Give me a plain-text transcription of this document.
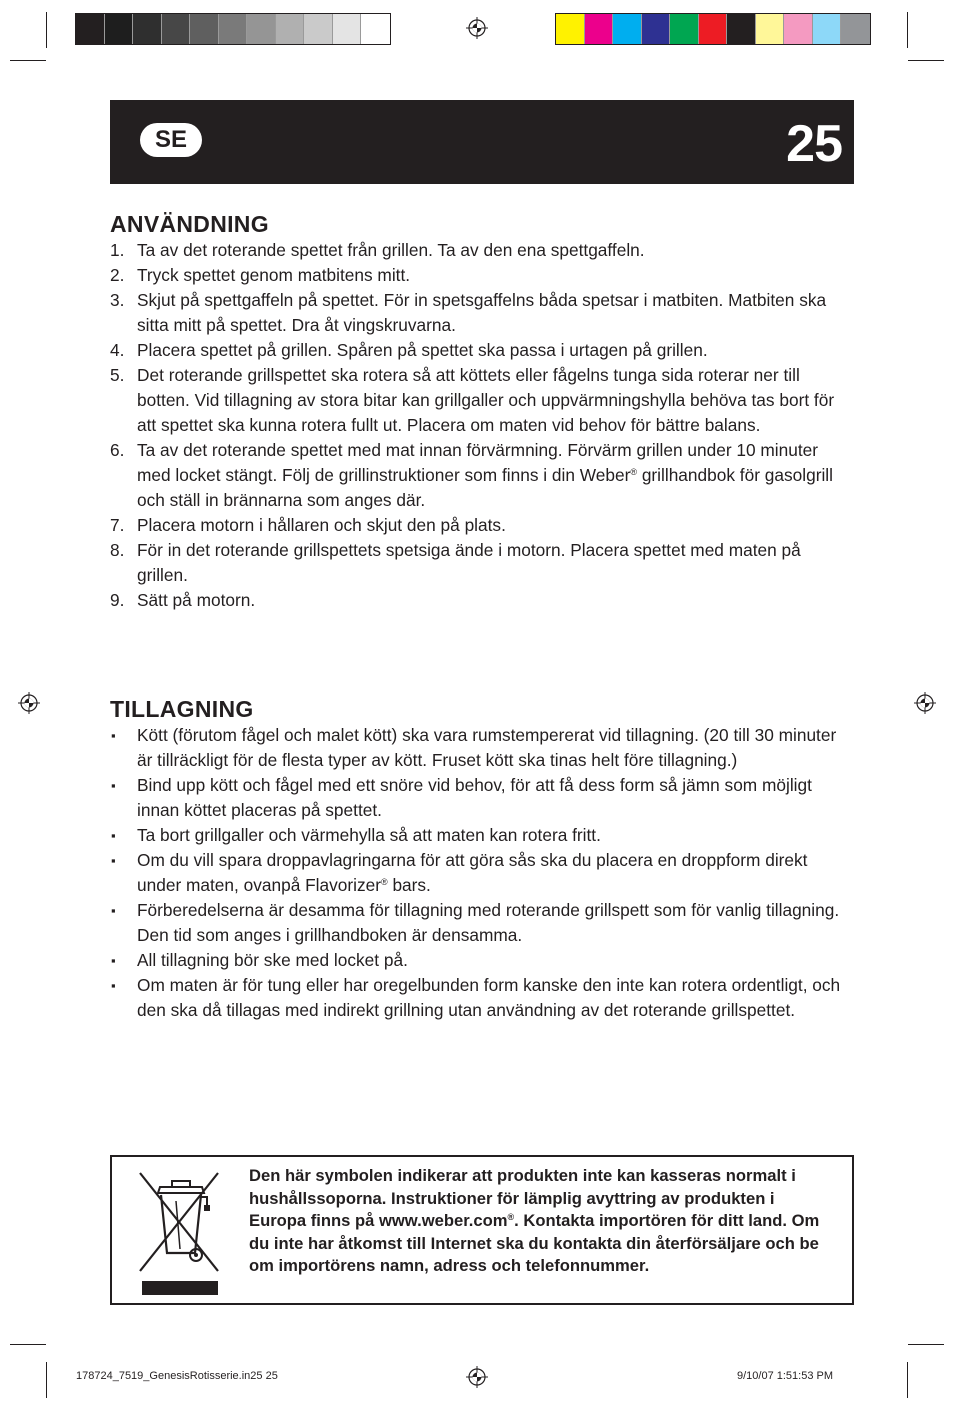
SE	25
ANVÄNDNING
1. Ta av det roterande spettet från grillen. Ta av den ena spettgaffeln.
2. Tryck spettet genom matbitens mitt.
3. Skjut på spettgaffeln på spettet. För in spetsgaffelns båda spetsar i matbiten. Matbiten ska sitta mitt på spettet. Dra åt vingskruvarna.
4. Placera spettet på grillen. Spåren på spettet ska passa i urtagen på grillen.
5. Det roterande grillspettet ska rotera så att köttets eller fågelns tunga sida roterar ner till botten. Vid tillagning av stora bitar kan grillgaller och uppvärmningshylla behöva tas bort för att spettet ska kunna rotera fullt ut. Placera om maten vid behov för bättre balans.
6. Ta av det roterande spettet med mat innan förvärmning. Förvärm grillen under 10 minuter med locket stängt. Följ de grillinstruktioner som finns i din Weber® grillhandbok för gasolgrill och ställ in brännarna som anges där.
7. Placera motorn i hållaren och skjut den på plats.
8. För in det roterande grillspettets spetsiga ände i motorn. Placera spettet med maten på grillen.
9. Sätt på motorn.
TILLAGNING
▪ Kött (förutom fågel och malet kött) ska vara rumstempererat vid tillagning. (20 till 30 minuter är tillräckligt för de flesta typer av kött. Fruset kött ska tinas helt före tillagning.)
▪ Bind upp kött och fågel med ett snöre vid behov, för att få dess form så jämn som möjligt innan köttet placeras på spettet.
▪ Ta bort grillgaller och värmehylla så att maten kan rotera fritt.
▪ Om du vill spara droppavlagringarna för att göra sås ska du placera en droppform direkt under maten, ovanpå Flavorizer® bars.
▪ Förberedelserna är desamma för tillagning med roterande grillspett som för vanlig tillagning. Den tid som anges i grillhandboken är densamma.
▪ All tillagning bör ske med locket på.
▪ Om maten är för tung eller har oregelbunden form kanske den inte kan rotera ordentligt, och den ska då tillagas med indirekt grillning utan användning av det roterande grillspettet.
Den här symbolen indikerar att produkten inte kan kasseras normalt i hushållssoporna. Instruktioner för lämplig avyttring av produkten i Europa finns på www.weber.com®. Kontakta importören för ditt land. Om du inte har åtkomst till Internet ska du kontakta din återförsäljare och be om importörens namn, adress och telefonnummer.
178724_7519_GenesisRotisserie.in25 25	9/10/07 1:51:53 PM
